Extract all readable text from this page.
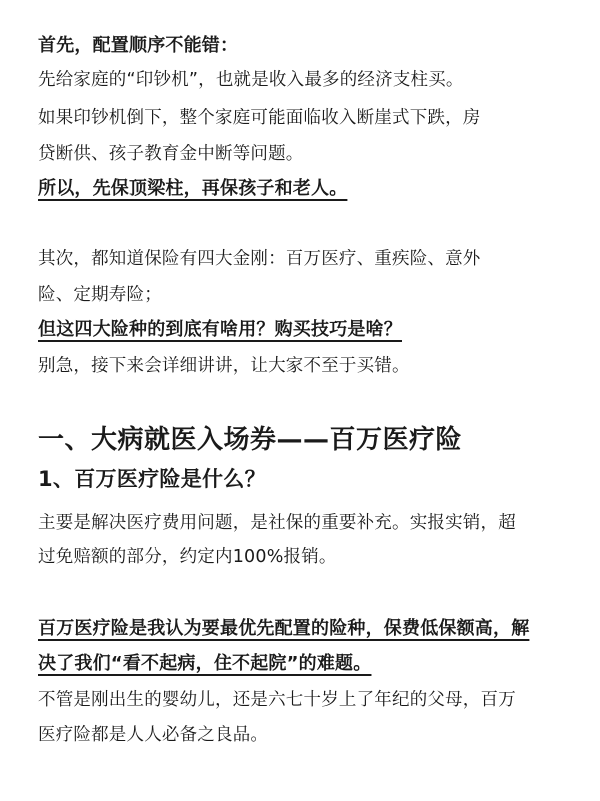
首先，配置顺序不能错：
先给家庭的“印钞机”，也就是收入最多的经济支柱买。
如果印钞机倒下，整个家庭可能面临收入断崖式下跌，房
贷断供、孩子教育金中断等问题。
所以，先保顶梁柱，再保孩子和老人。
其次，都知道保险有四大金刚：百万医疗、重疾险、意外
险、定期寿险；
但这四大险种的到底有啥用？购买技巧是啥？
别急，接下来会详细讲讲，让大家不至于买错。
一、大病就医入场券——百万医疗险
1、百万医疗险是什么？
主要是解决医疗费用问题，是社保的重要补充。实报实销，超
过免赔额的部分，约定内100%报销。
百万医疗险是我认为要最优先配置的险种，保费低保额高，解
决了我们“看不起病，住不起院”的难题。
不管是刚出生的婴幼儿，还是六七十岁上了年纪的父母，百万
医疗险都是人人必备之良品。
